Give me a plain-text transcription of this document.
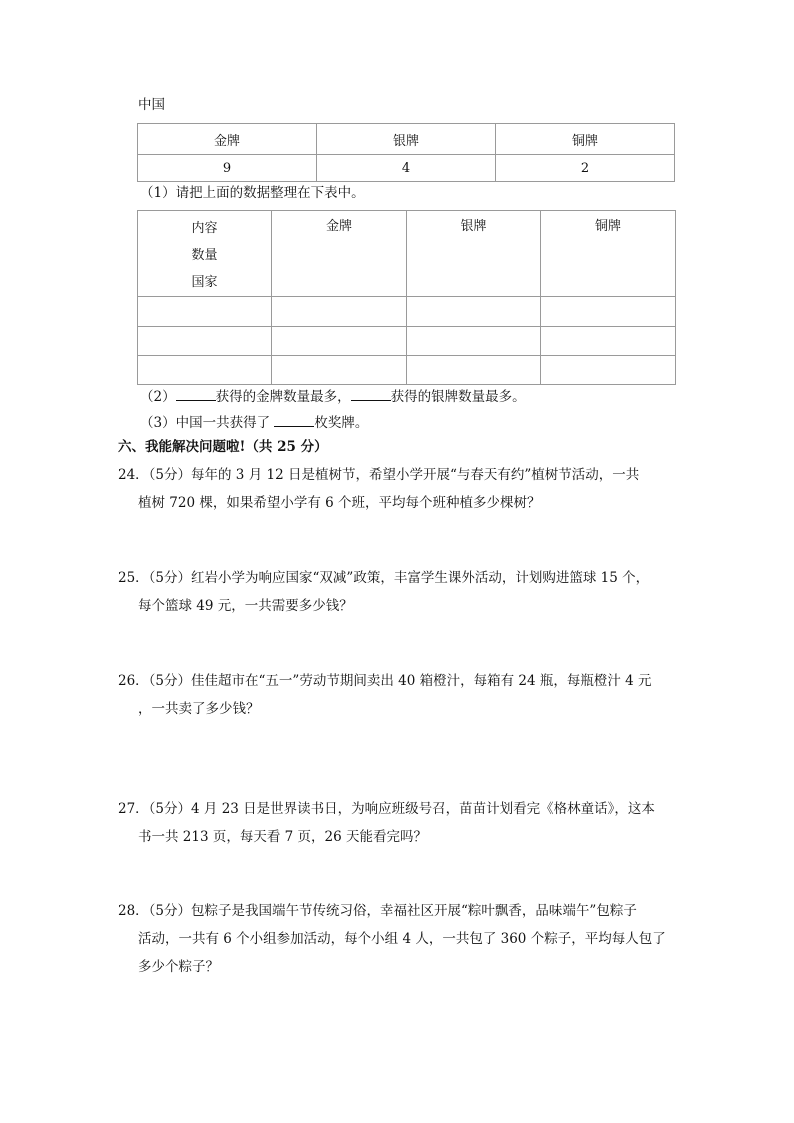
中国
金牌	银牌	铜牌
9	4	2
（1）请把上面的数据整理在下表中。
内容
数量
国家	金牌	银牌	铜牌

（2）	获得的金牌数量最多，	获得的银牌数量最多。
（3）中国一共获得了	枚奖牌。
六、我能解决问题啦!（共 25 分）
24．（5分）每年的 3 月 12 日是植树节，希望小学开展“与春天有约”植树节活动，一共
植树 720 棵，如果希望小学有 6 个班，平均每个班种植多少棵树？
25．（5分）红岩小学为响应国家“双减”政策，丰富学生课外活动，计划购进篮球 15 个，
每个篮球 49 元，一共需要多少钱？
26．（5分）佳佳超市在“五一”劳动节期间卖出 40 箱橙汁，每箱有 24 瓶，每瓶橙汁 4 元
，一共卖了多少钱？
27．（5分）4 月 23 日是世界读书日，为响应班级号召，苗苗计划看完《格林童话》，这本
书一共 213 页，每天看 7 页，26 天能看完吗？
28．（5分）包粽子是我国端午节传统习俗，幸福社区开展“粽叶飘香，品味端午”包粽子
活动，一共有 6 个小组参加活动，每个小组 4 人，一共包了 360 个粽子，平均每人包了
多少个粽子？
